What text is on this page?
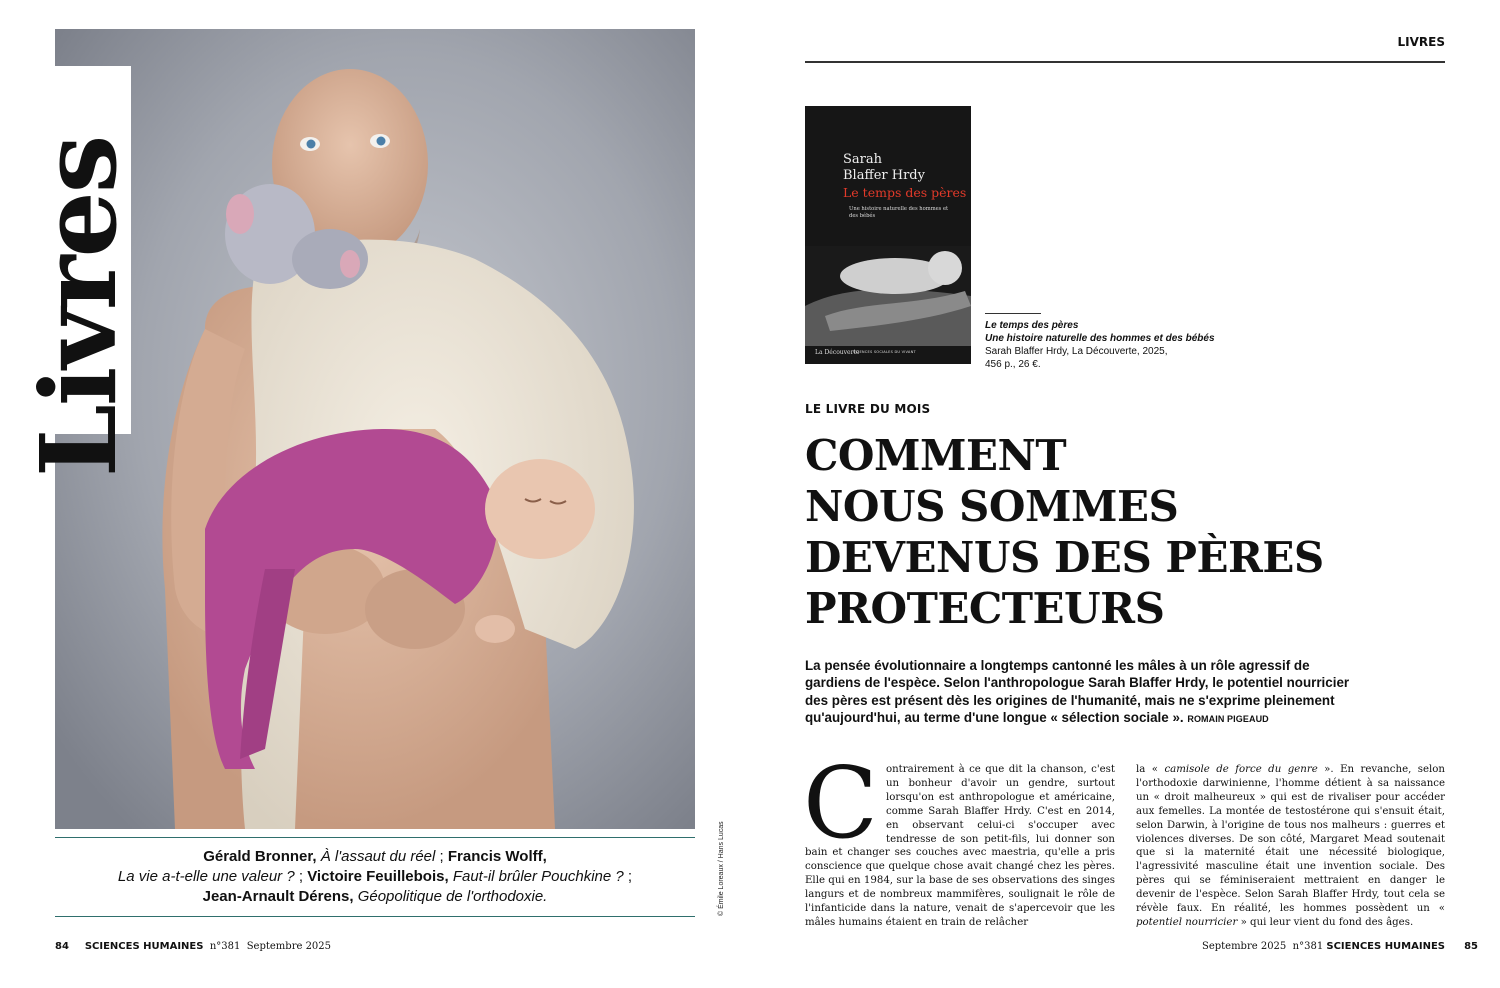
Livres
© Émile Loreaux / Hans Lucas
Gérald Bronner, À l'assaut du réel ; Francis Wolff,
La vie a-t-elle une valeur ? ; Victoire Feuillebois, Faut-il brûler Pouchkine ? ;
Jean-Arnault Dérens, Géopolitique de l'orthodoxie.
84 SCIENCES HUMAINES n°381 Septembre 2025
LIVRES
Sarah
Blaffer Hrdy
Le temps des pères
Une histoire naturelle des hommes et des bébés
La Découverte
SCIENCES SOCIALES DU VIVANT
Le temps des pères
Une histoire naturelle des hommes et des bébés
Sarah Blaffer Hrdy, La Découverte, 2025,
456 p., 26 €.
LE LIVRE DU MOIS
COMMENT
NOUS SOMMES
DEVENUS DES PÈRES
PROTECTEURS
La pensée évolutionnaire a longtemps cantonné les mâles à un rôle agressif de gardiens de l'espèce. Selon l'anthropologue Sarah Blaffer Hrdy, le potentiel nourricier des pères est présent dès les origines de l'humanité, mais ne s'exprime pleinement qu'aujourd'hui, au terme d'une longue « sélection sociale ». ROMAIN PIGEAUD
Contrairement à ce que dit la chanson, c'est un bonheur d'avoir un gendre, surtout lorsqu'on est anthropologue et américaine, comme Sarah Blaffer Hrdy. C'est en 2014, en observant celui-ci s'occuper avec tendresse de son petit-fils, lui donner son bain et changer ses couches avec maestria, qu'elle a pris conscience que quelque chose avait changé chez les pères. Elle qui en 1984, sur la base de ses observations des singes langurs et de nombreux mammifères, soulignait le rôle de l'infanticide dans la nature, venait de s'apercevoir que les mâles humains étaient en train de relâcher
la « camisole de force du genre ». En revanche, selon l'orthodoxie darwinienne, l'homme détient à sa naissance un « droit malheureux » qui est de rivaliser pour accéder aux femelles. La montée de testostérone qui s'ensuit était, selon Darwin, à l'origine de tous nos malheurs : guerres et violences diverses. De son côté, Margaret Mead soutenait que si la maternité était une nécessité biologique, l'agressivité masculine était une invention sociale. Des pères qui se féminiseraient mettraient en danger le devenir de l'espèce. Selon Sarah Blaffer Hrdy, tout cela se révèle faux. En réalité, les hommes possèdent un « potentiel nourricier » qui leur vient du fond des âges.
Septembre 2025 n°381 SCIENCES HUMAINES 85
